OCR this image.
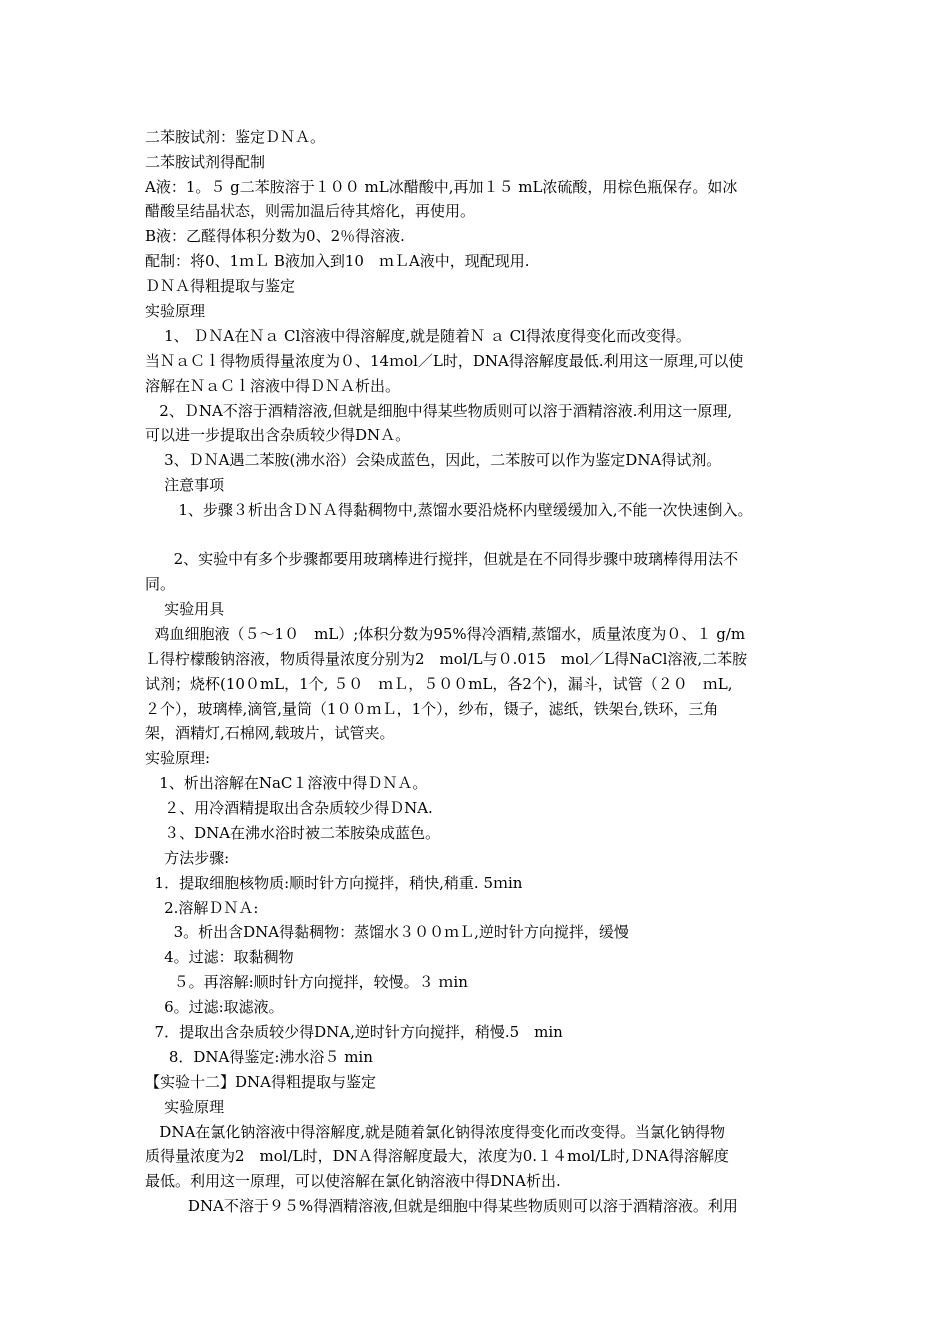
二苯胺试剂：鉴定ＤＮＡ。
二苯胺试剂得配制
A液：1。５ g二苯胺溶于１００ mL冰醋酸中,再加１５ mL浓硫酸，用棕色瓶保存。如冰
醋酸呈结晶状态，则需加温后待其熔化，再使用。
B液：乙醛得体积分数为0、2％得溶液.
配制：将0、1ｍＬ B液加入到10　ｍＬA液中，现配现用.
ＤＮＡ得粗提取与鉴定
实验原理
1、 ＤＮA在Ｎａ Cl溶液中得溶解度,就是随着Ｎ ａ Cl得浓度得变化而改变得。
当ＮａＣｌ得物质得量浓度为０、14ｍol／L时，DNA得溶解度最低.利用这一原理,可以使
溶解在ＮａＣｌ溶液中得ＤＮＡ析出。
2、ＤNA不溶于酒精溶液,但就是细胞中得某些物质则可以溶于酒精溶液.利用这一原理,
可以进一步提取出含杂质较少得DNＡ。
3、ＤＮA遇二苯胺(沸水浴）会染成蓝色，因此，二苯胺可以作为鉴定DNA得试剂。
注意事项
1、步骤３析出含ＤＮＡ得黏稠物中,蒸馏水要沿烧杯内壁缓缓加入,不能一次快速倒入。
2、实验中有多个步骤都要用玻璃棒进行搅拌，但就是在不同得步骤中玻璃棒得用法不
同。
实验用具
鸡血细胞液（５～1０　mL）;体积分数为95%得冷酒精,蒸馏水，质量浓度为０、１ g/m
Ｌ得柠檬酸钠溶液，物质得量浓度分别为2　mol/L与０.015　mol／L得NaCl溶液,二苯胺
试剂；烧杯(10０mL，1个, ５０　ｍＬ，５００mL，各2个)，漏斗，试管（２０　ｍL,
２个），玻璃棒,滴管,量筒（1００ｍＬ，1个），纱布，镊子，滤纸，铁架台,铁环，三角
架，酒精灯,石棉网,载玻片，试管夹。
实验原理:
1、析出溶解在NaC１溶液中得ＤＮＡ。
２、用冷酒精提取出含杂质较少得ＤNA.
３、DNA在沸水浴时被二苯胺染成蓝色。
方法步骤:
1．提取细胞核物质:顺时针方向搅拌，稍快,稍重. 5ｍin
2.溶解ＤＮＡ:
3。析出含DNA得黏稠物：蒸馏水３００ｍＬ,逆时针方向搅拌，缓慢
4。过滤：取黏稠物
５。再溶解:顺时针方向搅拌，较慢。３ ｍin
6。过滤:取滤液。
7．提取出含杂质较少得DNA,逆时针方向搅拌，稍慢.5　min
8．DNA得鉴定:沸水浴５ min
【实验十二】DNA得粗提取与鉴定
实验原理
DNA在氯化钠溶液中得溶解度,就是随着氯化钠得浓度得变化而改变得。当氯化钠得物
质得量浓度为2　mol/L时，DNＡ得溶解度最大，浓度为0.１４mol/L时,ＤNA得溶解度
最低。利用这一原理，可以使溶解在氯化钠溶液中得DNA析出.
DNA不溶于９５%得酒精溶液,但就是细胞中得某些物质则可以溶于酒精溶液。利用
